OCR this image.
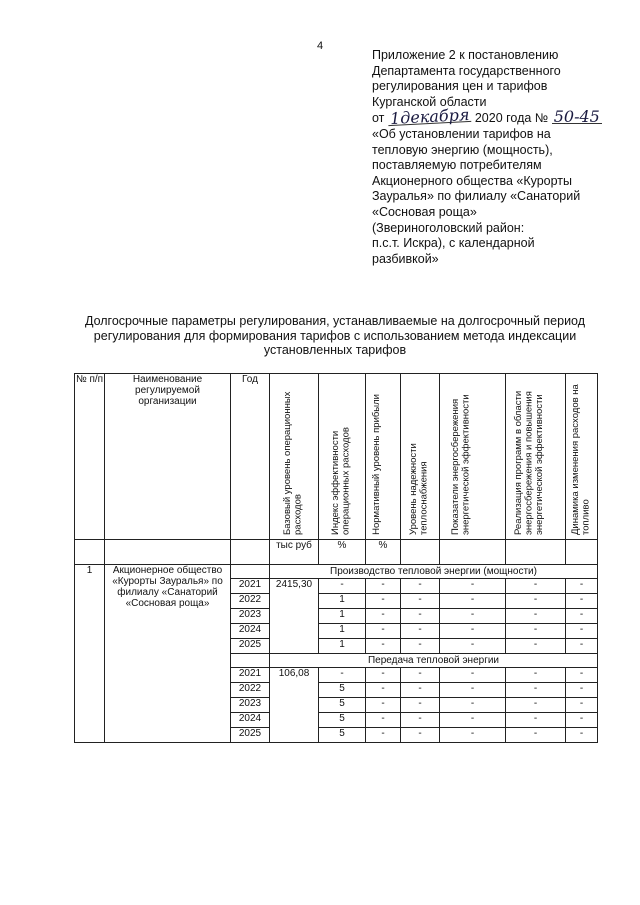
4
Приложение 2 к постановлению
Департамента государственного
регулирования цен и тарифов
Курганской области
от 1декабря 2020 года № 50-45
«Об установлении тарифов на
тепловую энергию (мощность),
поставляемую потребителям
Акционерного общества «Курорты
Зауралья» по филиалу «Санаторий
«Сосновая роща»
(Звериноголовский район:
п.с.т. Искра), с календарной
разбивкой»
Долгосрочные параметры регулирования, устанавливаемые на долгосрочный период
регулирования для формирования тарифов с использованием метода индексации
установленных тарифов
№ п/п	Наименование регулируемой организации	Год	Базовый уровень операционных расходов	Индекс эффективности операционных расходов	Нормативный уровень прибыли	Уровень надежности теплоснабжения	Показатели энергосбережения энергетической эффективности	Реализация программ в области энергосбережения и повышения энергетической эффективности	Динамика изменения расходов на топливо

			тыс руб	%	%				
1	Акционерное общество «Курорты Зауралья» по филиалу «Санаторий «Сосновая роща»		Производство тепловой энергии (мощности)						
		2021	2415,30	-	-	-	-	-	-
		2022		1	-	-	-	-	-
		2023		1	-	-	-	-	-
		2024		1	-	-	-	-	-
		2025		1	-	-	-	-	-
			Передача тепловой энергии						
		2021	106,08	-	-	-	-	-	-
		2022		5	-	-	-	-	-
		2023		5	-	-	-	-	-
		2024		5	-	-	-	-	-
		2025		5	-	-	-	-	-
